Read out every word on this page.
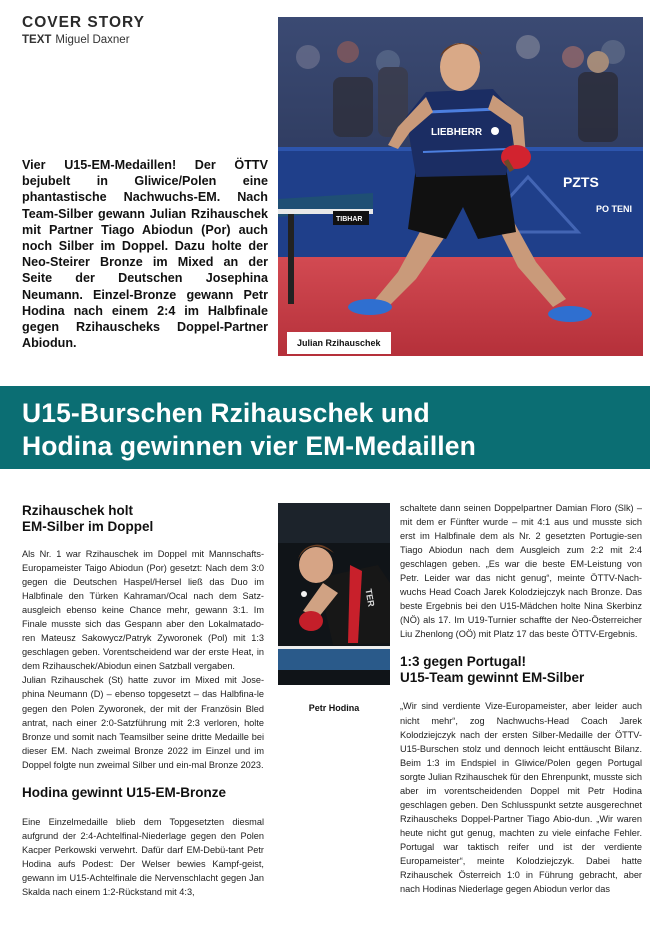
COVER STORY
TEXT Miguel Daxner
Vier U15-EM-Medaillen! Der ÖTTV bejubelt in Gliwice/Polen eine phantastische Nachwuchs-EM. Nach Team-Silber gewann Julian Rzihauschek mit Partner Tiago Abiodun (Por) auch noch Silber im Doppel. Dazu holte der Neo-Steirer Bronze im Mixed an der Seite der Deutschen Josephina Neumann. Einzel-Bronze gewann Petr Hodina nach einem 2:4 im Halbfinale gegen Rzihauscheks Doppel-Partner Abiodun.
PZTS
PO TENI
TIBHAR
LIEBHERR
Julian Rzihauschek
U15-Burschen Rzihauschek und
Hodina gewinnen vier EM-Medaillen
Rzihauschek holt
EM-Silber im Doppel

Als Nr. 1 war Rzihauschek im Doppel mit Mannschafts-Europameister Taigo Abiodun (Por) gesetzt: Nach dem 3:0 gegen die Deutschen Haspel/Hersel ließ das Duo im Halbfinale den Türken Kahraman/Ocal nach dem Satz-ausgleich ebenso keine Chance mehr, gewann 3:1. Im Finale musste sich das Gespann aber den Lokalmatado-ren Mateusz Sakowycz/Patryk Zyworonek (Pol) mit 1:3 geschlagen geben. Vorentscheidend war der erste Heat, in dem Rzihauschek/Abiodun einen Satzball vergaben.

Julian Rzihauschek (St) hatte zuvor im Mixed mit Jose-phina Neumann (D) – ebenso topgesetzt – das Halbfina-le gegen den Polen Zyworonek, der mit der Französin Bled antrat, nach einer 2:0-Satzführung mit 2:3 verloren, holte Bronze und somit nach Teamsilber seine dritte Medaille bei dieser EM. Nach zweimal Bronze 2022 im Einzel und im Doppel folgte nun zweimal Silber und ein-mal Bronze 2023.

Hodina gewinnt U15-EM-Bronze

Eine Einzelmedaille blieb dem Topgesetzten diesmal aufgrund der 2:4-Achtelfinal-Niederlage gegen den Polen Kacper Perkowski verwehrt. Dafür darf EM-Debü-tant Petr Hodina aufs Podest: Der Welser bewies Kampf-geist, gewann im U15-Achtelfinale die Nervenschlacht gegen Jan Skalda nach einem 1:2-Rückstand mit 4:3,

TER
Petr Hodina

schaltete dann seinen Doppelpartner Damian Floro (Slk) – mit dem er Fünfter wurde – mit 4:1 aus und musste sich erst im Halbfinale dem als Nr. 2 gesetzten Portugie-sen Tiago Abiodun nach dem Ausgleich zum 2:2 mit 2:4 geschlagen geben. „Es war die beste EM-Leistung von Petr. Leider war das nicht genug“, meinte ÖTTV-Nach-wuchs Head Coach Jarek Kolodziejczyk nach Bronze. Das beste Ergebnis bei den U15-Mädchen holte Nina Skerbinz (NÖ) als 17. Im U19-Turnier schaffte der Neo-Österreicher Liu Zhenlong (OÖ) mit Platz 17 das beste ÖTTV-Ergebnis.

1:3 gegen Portugal!
U15-Team gewinnt EM-Silber

„Wir sind verdiente Vize-Europameister, aber leider auch nicht mehr“, zog Nachwuchs-Head Coach Jarek Kolodziejczyk nach der ersten Silber-Medaille der ÖTTV-U15-Burschen stolz und dennoch leicht enttäuscht Bilanz. Beim 1:3 im Endspiel in Gliwice/Polen gegen Portugal sorgte Julian Rzihauschek für den Ehrenpunkt, musste sich aber im vorentscheidenden Doppel mit Petr Hodina geschlagen geben. Den Schlusspunkt setzte ausgerechnet Rzihauscheks Doppel-Partner Tiago Abio-dun. „Wir waren heute nicht gut genug, machten zu viele einfache Fehler. Portugal war taktisch reifer und ist der verdiente Europameister“, meinte Kolodziejczyk. Dabei hatte Rzihauschek Österreich 1:0 in Führung gebracht, aber nach Hodinas Niederlage gegen Abiodun verlor das
